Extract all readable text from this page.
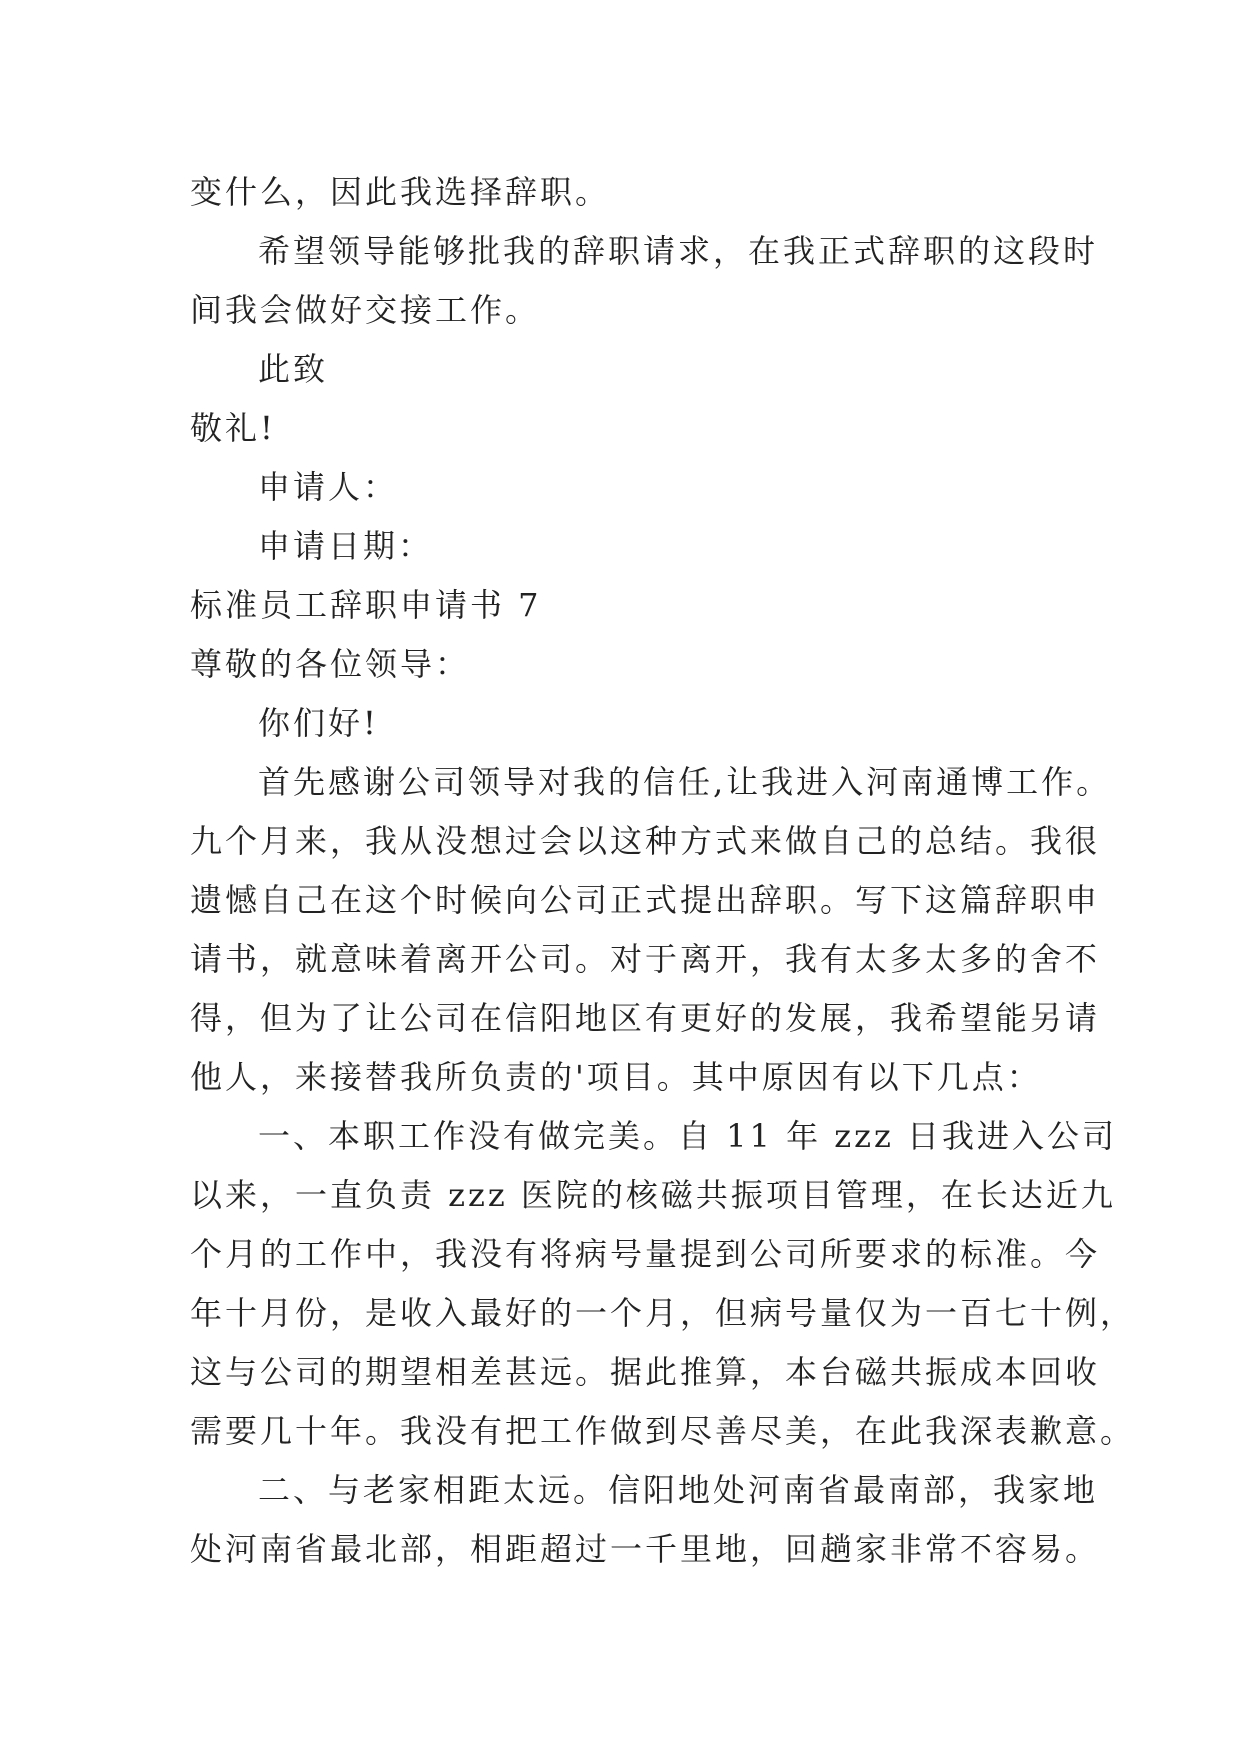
变什么，因此我选择辞职。
希望领导能够批我的辞职请求，在我正式辞职的这段时
间我会做好交接工作。
此致
敬礼!
申请人：
申请日期：
标准员工辞职申请书 7
尊敬的各位领导：
你们好!
首先感谢公司领导对我的信任,让我进入河南通博工作。
九个月来，我从没想过会以这种方式来做自己的总结。我很
遗憾自己在这个时候向公司正式提出辞职。写下这篇辞职申
请书，就意味着离开公司。对于离开，我有太多太多的舍不
得，但为了让公司在信阳地区有更好的发展，我希望能另请
他人，来接替我所负责的'项目。其中原因有以下几点：
一、本职工作没有做完美。自 11 年 zzz 日我进入公司
以来，一直负责 zzz 医院的核磁共振项目管理，在长达近九
个月的工作中，我没有将病号量提到公司所要求的标准。今
年十月份，是收入最好的一个月，但病号量仅为一百七十例，
这与公司的期望相差甚远。据此推算，本台磁共振成本回收
需要几十年。我没有把工作做到尽善尽美，在此我深表歉意。
二、与老家相距太远。信阳地处河南省最南部，我家地
处河南省最北部，相距超过一千里地，回趟家非常不容易。
